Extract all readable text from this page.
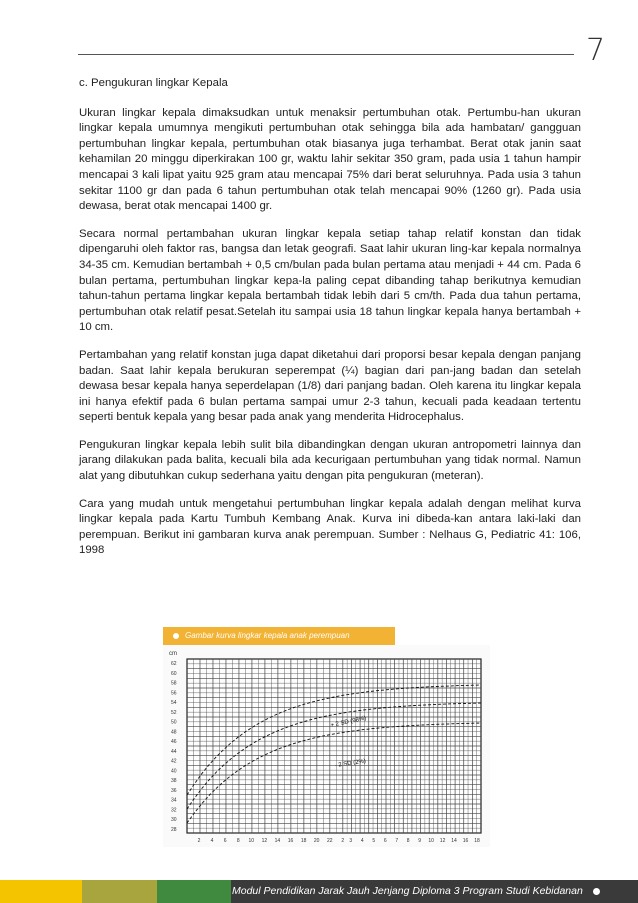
7

c. Pengukuran lingkar Kepala

Ukuran lingkar kepala dimaksudkan untuk menaksir pertumbuhan otak. Pertumbu-han ukuran lingkar kepala umumnya mengikuti pertumbuhan otak sehingga bila ada hambatan/ gangguan pertumbuhan lingkar kepala, pertumbuhan otak biasanya juga terhambat. Berat otak janin saat kehamilan 20 minggu diperkirakan 100 gr, waktu lahir sekitar 350 gram, pada usia 1 tahun hampir mencapai 3 kali lipat yaitu 925 gram atau mencapai 75% dari berat seluruhnya. Pada usia 3 tahun sekitar 1100 gr dan pada 6 tahun pertumbuhan otak telah mencapai 90% (1260 gr). Pada usia dewasa, berat otak mencapai 1400 gr.

Secara normal pertambahan ukuran lingkar kepala setiap tahap relatif konstan dan tidak dipengaruhi oleh faktor ras, bangsa dan letak geografi. Saat lahir ukuran ling-kar kepala normalnya 34-35 cm. Kemudian bertambah + 0,5 cm/bulan pada bulan pertama atau menjadi + 44 cm. Pada 6 bulan pertama, pertumbuhan lingkar kepa-la paling cepat dibanding tahap berikutnya kemudian tahun-tahun pertama lingkar kepala bertambah tidak lebih dari 5 cm/th. Pada dua tahun pertama, pertumbuhan otak relatif pesat.Setelah itu sampai usia 18 tahun lingkar kepala hanya bertambah + 10 cm.

Pertambahan yang relatif konstan juga dapat diketahui dari proporsi besar kepala dengan panjang badan. Saat lahir kepala berukuran seperempat (¼) bagian dari pan-jang badan dan setelah dewasa besar kepala hanya seperdelapan (1/8) dari panjang badan. Oleh karena itu lingkar kepala ini hanya efektif pada 6 bulan pertama sampai umur 2-3 tahun, kecuali pada keadaan tertentu seperti bentuk kepala yang besar pada anak yang menderita Hidrocephalus.

Pengukuran lingkar kepala lebih sulit bila dibandingkan dengan ukuran antropometri lainnya dan jarang dilakukan pada balita, kecuali bila ada kecurigaan pertumbuhan yang tidak normal. Namun alat yang dibutuhkan cukup sederhana yaitu dengan pita pengukuran (meteran).

Cara yang mudah untuk mengetahui pertumbuhan lingkar kepala adalah dengan melihat kurva lingkar kepala pada Kartu Tumbuh Kembang Anak. Kurva ini dibeda-kan antara laki-laki dan perempuan. Berikut ini gambaran kurva anak perempuan. Sumber : Nelhaus G, Pediatric 41: 106, 1998

Gambar kurva lingkar kepala anak perempuan
cm
62
60
58
56
54
52
50
48
46
44
42
40
38
36
34
32
30
28
2 4 6 8 10 12 14 16 18 20 22 2 3 4 5 6 7 8 9 10 12 14 16 18
+ 2 SD (98%)
- 2 SD (2%)
Modul Pendidikan Jarak Jauh Jenjang Diploma 3 Program Studi Kebidanan
